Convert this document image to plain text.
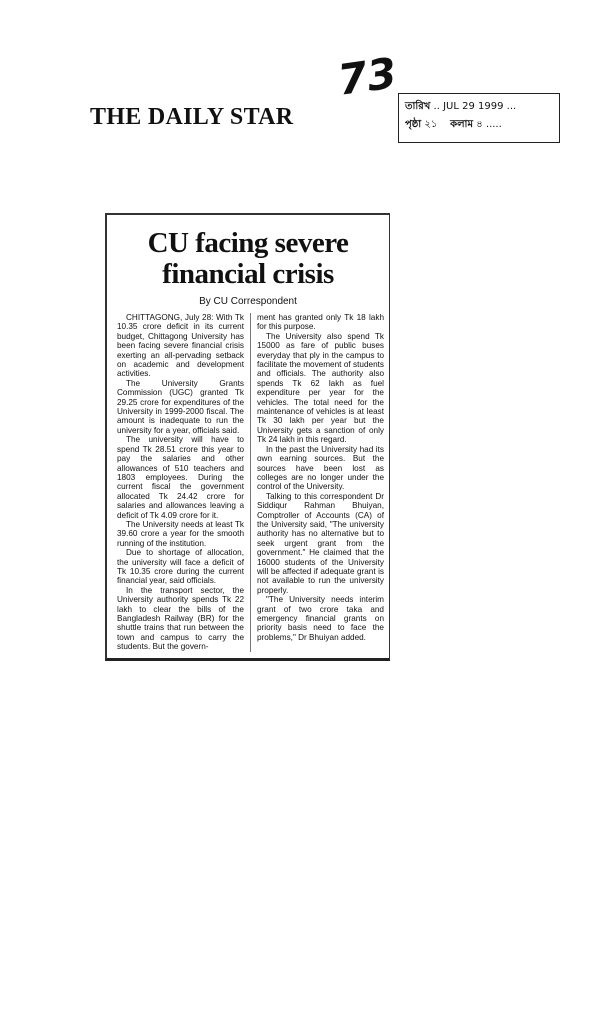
THE DAILY STAR
73
তারিখ .. JUL 29 1999 ...
পৃষ্ঠা ২১ কলাম ৪ .....
CU facing severe
financial crisis
By CU Correspondent

CHITTAGONG, July 28: With Tk 10.35 crore deficit in its current budget, Chittagong University has been facing severe financial crisis exerting an all-pervading setback on academic and development activities.

The University Grants Commission (UGC) granted Tk 29.25 crore for expenditures of the University in 1999-2000 fiscal. The amount is inadequate to run the university for a year, officials said.

The university will have to spend Tk 28.51 crore this year to pay the salaries and other allowances of 510 teachers and 1803 employees. During the current fiscal the government allocated Tk 24.42 crore for salaries and allowances leaving a deficit of Tk 4.09 crore for it.

The University needs at least Tk 39.60 crore a year for the smooth running of the institution.

Due to shortage of allocation, the university will face a deficit of Tk 10.35 crore during the current financial year, said officials.

In the transport sector, the University authority spends Tk 22 lakh to clear the bills of the Bangladesh Railway (BR) for the shuttle trains that run between the town and campus to carry the students. But the govern-

ment has granted only Tk 18 lakh for this purpose.

The University also spend Tk 15000 as fare of public buses everyday that ply in the campus to facilitate the movement of students and officials. The authority also spends Tk 62 lakh as fuel expenditure per year for the vehicles. The total need for the maintenance of vehicles is at least Tk 30 lakh per year but the University gets a sanction of only Tk 24 lakh in this regard.

In the past the University had its own earning sources. But the sources have been lost as colleges are no longer under the control of the University.

Talking to this correspondent Dr Siddiqur Rahman Bhuiyan, Comptroller of Accounts (CA) of the University said, "The university authority has no alternative but to seek urgent grant from the government." He claimed that the 16000 students of the University will be affected if adequate grant is not available to run the university properly.

"The University needs interim grant of two crore taka and emergency financial grants on priority basis need to face the problems," Dr Bhuiyan added.
